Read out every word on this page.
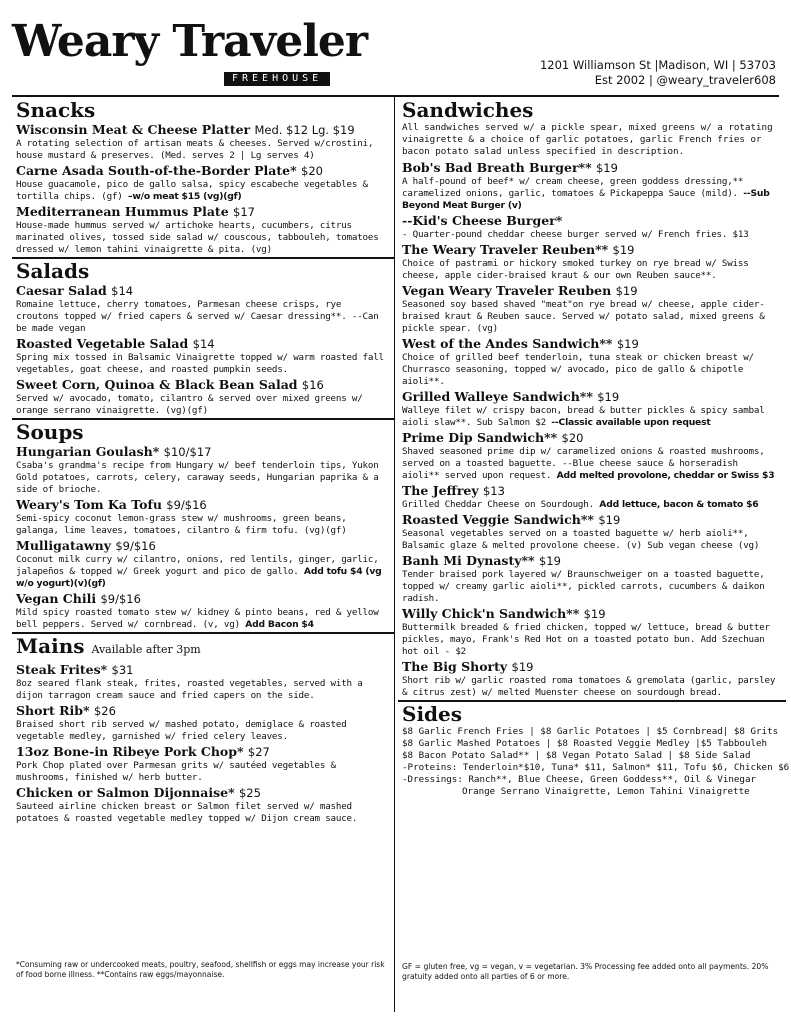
Weary Traveler
FREEHOUSE
1201 Williamson St |Madison, WI | 53703
Est 2002 | @weary_traveler608
Snacks
Wisconsin Meat & Cheese Platter Med. $12 Lg. $19
A rotating selection of artisan meats & cheeses. Served w/crostini, house mustard & preserves. (Med. serves 2 | Lg serves 4)
Carne Asada South-of-the-Border Plate* $20
House guacamole, pico de gallo salsa, spicy escabeche vegetables & tortilla chips. (gf) –w/o meat $15 (vg)(gf)
Mediterranean Hummus Plate $17
House-made hummus served w/ artichoke hearts, cucumbers, citrus marinated olives, tossed side salad w/ couscous, tabbouleh, tomatoes dressed w/ lemon tahini vinaigrette & pita. (vg)
Salads
Caesar Salad $14
Romaine lettuce, cherry tomatoes, Parmesan cheese crisps, rye croutons topped w/ fried capers & served w/ Caesar dressing**. --Can be made vegan
Roasted Vegetable Salad $14
Spring mix tossed in Balsamic Vinaigrette topped w/ warm roasted fall vegetables, goat cheese, and roasted pumpkin seeds.
Sweet Corn, Quinoa & Black Bean Salad $16
Served w/ avocado, tomato, cilantro & served over mixed greens w/ orange serrano vinaigrette. (vg)(gf)
Soups
Hungarian Goulash* $10/$17
Csaba's grandma's recipe from Hungary w/ beef tenderloin tips, Yukon Gold potatoes, carrots, celery, caraway seeds, Hungarian paprika & a side of brioche.
Weary's Tom Ka Tofu $9/$16
Semi-spicy coconut lemon-grass stew w/ mushrooms, green beans, galanga, lime leaves, tomatoes, cilantro & firm tofu. (vg)(gf)
Mulligatawny $9/$16
Coconut milk curry w/ cilantro, onions, red lentils, ginger, garlic, jalapeños & topped w/ Greek yogurt and pico de gallo. Add tofu $4 (vg w/o yogurt)(v)(gf)
Vegan Chili $9/$16
Mild spicy roasted tomato stew w/ kidney & pinto beans, red & yellow bell peppers. Served w/ cornbread. (v, vg) Add Bacon $4
Mains Available after 3pm
Steak Frites* $31
8oz seared flank steak, frites, roasted vegetables, served with a dijon tarragon cream sauce and fried capers on the side.
Short Rib* $26
Braised short rib served w/ mashed potato, demiglace & roasted vegetable medley, garnished w/ fried celery leaves.
13oz Bone-in Ribeye Pork Chop* $27
Pork Chop plated over Parmesan grits w/ sautéed vegetables & mushrooms, finished w/ herb butter.
Chicken or Salmon Dijonnaise* $25
Sauteed airline chicken breast or Salmon filet served w/ mashed potatoes & roasted vegetable medley topped w/ Dijon cream sauce.
Sandwiches
All sandwiches served w/ a pickle spear, mixed greens w/ a rotating vinaigrette & a choice of garlic potatoes, garlic French fries or bacon potato salad unless specified in description.
Bob's Bad Breath Burger** $19
A half-pound of beef* w/ cream cheese, green goddess dressing,** caramelized onions, garlic, tomatoes & Pickapeppa Sauce (mild). --Sub Beyond Meat Burger (v)
--Kid's Cheese Burger*
- Quarter-pound cheddar cheese burger served w/ French fries. $13
The Weary Traveler Reuben** $19
Choice of pastrami or hickory smoked turkey on rye bread w/ Swiss cheese, apple cider-braised kraut & our own Reuben sauce**.
Vegan Weary Traveler Reuben $19
Seasoned soy based shaved "meat"on rye bread w/ cheese, apple cider-braised kraut & Reuben sauce. Served w/ potato salad, mixed greens & pickle spear. (vg)
West of the Andes Sandwich** $19
Choice of grilled beef tenderloin, tuna steak or chicken breast w/ Churrasco seasoning, topped w/ avocado, pico de gallo & chipotle aioli**.
Grilled Walleye Sandwich** $19
Walleye filet w/ crispy bacon, bread & butter pickles & spicy sambal aioli slaw**. Sub Salmon $2 --Classic available upon request
Prime Dip Sandwich** $20
Shaved seasoned prime dip w/ caramelized onions & roasted mushrooms, served on a toasted baguette. --Blue cheese sauce & horseradish aioli** served upon request. Add melted provolone, cheddar or Swiss $3
The Jeffrey $13
Grilled Cheddar Cheese on Sourdough. Add lettuce, bacon & tomato $6
Roasted Veggie Sandwich** $19
Seasonal vegetables served on a toasted baguette w/ herb aioli**, Balsamic glaze & melted provolone cheese. (v) Sub vegan cheese (vg)
Banh Mi Dynasty** $19
Tender braised pork layered w/ Braunschweiger on a toasted baguette, topped w/ creamy garlic aioli**, pickled carrots, cucumbers & daikon radish.
Willy Chick'n Sandwich** $19
Buttermilk breaded & fried chicken, topped w/ lettuce, bread & butter pickles, mayo, Frank's Red Hot on a toasted potato bun. Add Szechuan hot oil - $2
The Big Shorty $19
Short rib w/ garlic roasted roma tomatoes & gremolata (garlic, parsley & citrus zest) w/ melted Muenster cheese on sourdough bread.
Sides
$8 Garlic French Fries | $8 Garlic Potatoes | $5 Cornbread| $8 Grits
$8 Garlic Mashed Potatoes | $8 Roasted Veggie Medley |$5 Tabbouleh
$8 Bacon Potato Salad** | $8 Vegan Potato Salad | $8 Side Salad
-Proteins: Tenderloin*$10, Tuna* $11, Salmon* $11, Tofu $6, Chicken $6
-Dressings: Ranch**, Blue Cheese, Green Goddess**, Oil & Vinegar
Orange Serrano Vinaigrette, Lemon Tahini Vinaigrette
*Consuming raw or undercooked meats, poultry, seafood, shellfish or eggs may increase your risk of food borne illness. **Contains raw eggs/mayonnaise.
GF = gluten free, vg = vegan, v = vegetarian. 3% Processing fee added onto all payments. 20% gratuity added onto all parties of 6 or more.
